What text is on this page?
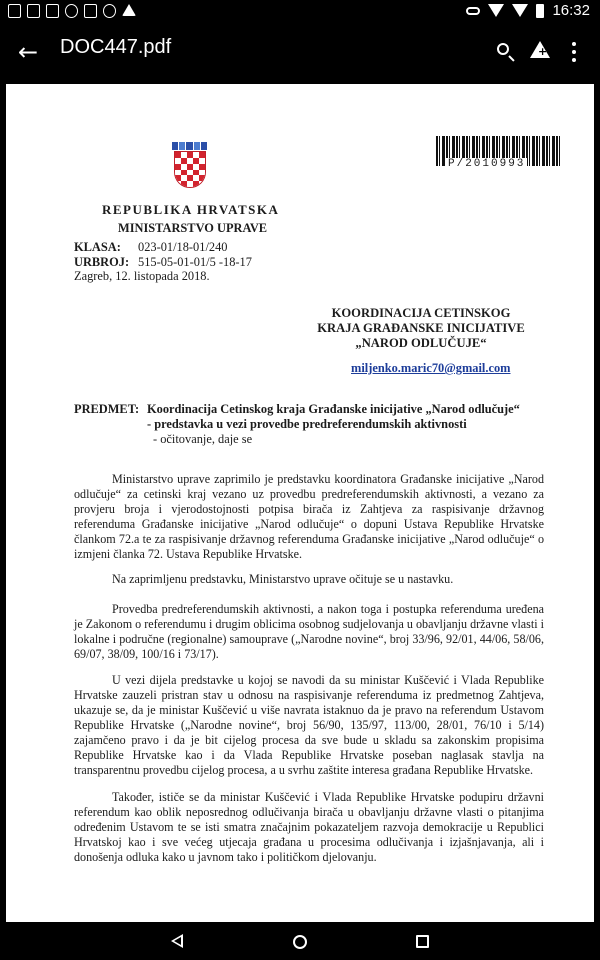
16:32
←	DOC447.pdf
+
P/2010993
REPUBLIKA HRVATSKA
MINISTARSTVO UPRAVE
KLASA: 023-01/18-01/240
URBROJ: 515-05-01-01/5 -18-17
Zagreb, 12. listopada 2018.
KOORDINACIJA CETINSKOG KRAJA GRAĐANSKE INICIJATIVE „NAROD ODLUČUJE“
miljenko.maric70@gmail.com
PREDMET: Koordinacija Cetinskog kraja Građanske inicijative „Narod odlučuje“
- predstavka u vezi provedbe predreferendumskih aktivnosti
- očitovanje, daje se
Ministarstvo uprave zaprimilo je predstavku koordinatora Građanske inicijative „Narod odlučuje“ za cetinski kraj vezano uz provedbu predreferendumskih aktivnosti, a vezano za provjeru broja i vjerodostojnosti potpisa birača iz Zahtjeva za raspisivanje državnog referenduma Građanske inicijative „Narod odlučuje“ o dopuni Ustava Republike Hrvatske člankom 72.a te za raspisivanje državnog referenduma Građanske inicijative „Narod odlučuje“ o izmjeni članka 72. Ustava Republike Hrvatske.
Na zaprimljenu predstavku, Ministarstvo uprave očituje se u nastavku.
Provedba predreferendumskih aktivnosti, a nakon toga i postupka referenduma uređena je Zakonom o referendumu i drugim oblicima osobnog sudjelovanja u obavljanju državne vlasti i lokalne i područne (regionalne) samouprave („Narodne novine“, broj 33/96, 92/01, 44/06, 58/06, 69/07, 38/09, 100/16 i 73/17).
U vezi dijela predstavke u kojoj se navodi da su ministar Kuščević i Vlada Republike Hrvatske zauzeli pristran stav u odnosu na raspisivanje referenduma iz predmetnog Zahtjeva, ukazuje se, da je ministar Kuščević u više navrata istaknuo da je pravo na referendum Ustavom Republike Hrvatske („Narodne novine“, broj 56/90, 135/97, 113/00, 28/01, 76/10 i 5/14) zajamčeno pravo i da je bit cijelog procesa da sve bude u skladu sa zakonskim propisima Republike Hrvatske kao i da Vlada Republike Hrvatske poseban naglasak stavlja na transparentnu provedbu cijelog procesa, a u svrhu zaštite interesa građana Republike Hrvatske.
Također, ističe se da ministar Kuščević i Vlada Republike Hrvatske podupiru državni referendum kao oblik neposrednog odlučivanja birača u obavljanju državne vlasti o pitanjima određenim Ustavom te se isti smatra značajnim pokazateljem razvoja demokracije u Republici Hrvatskoj kao i sve većeg utjecaja građana u procesima odlučivanja i izjašnjavanja, ali i donošenja odluka kako u javnom tako i političkom djelovanju.
